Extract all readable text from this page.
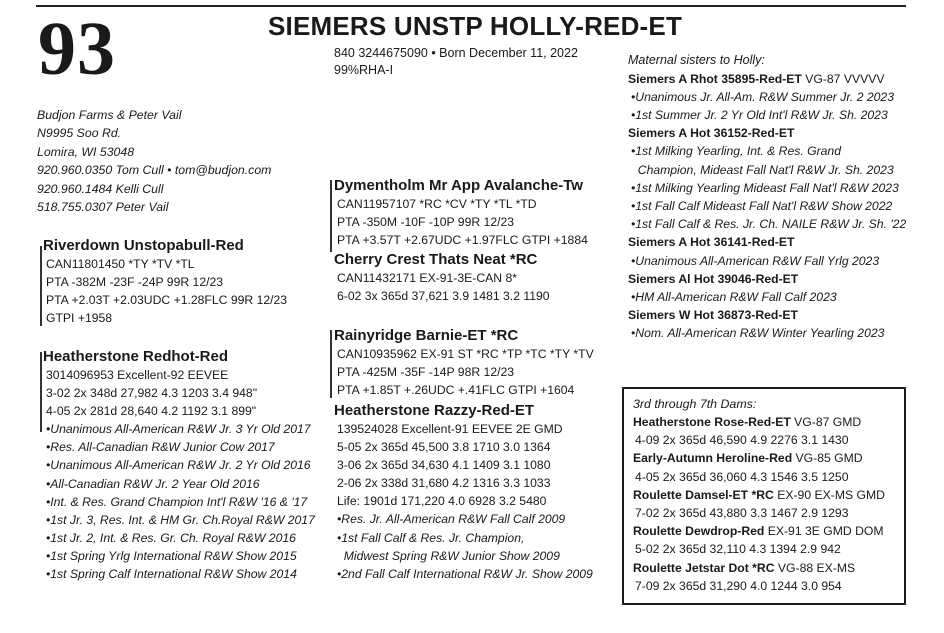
93	SIEMERS UNSTP HOLLY-RED-ET
840 3244675090 • Born December 11, 2022
99%RHA-I
Budjon Farms & Peter Vail
N9995 Soo Rd.
Lomira, WI 53048
920.960.0350 Tom Cull • tom@budjon.com
920.960.1484 Kelli Cull
518.755.0307 Peter Vail
Riverdown Unstopabull-Red
CAN11801450 *TY *TV *TL
PTA -382M -23F -24P 99R 12/23
PTA +2.03T +2.03UDC +1.28FLC 99R 12/23
GTPI +1958
Heatherstone Redhot-Red
3014096953 Excellent-92 EEVEE
3-02 2x 348d 27,982 4.3 1203 3.4 948"
4-05 2x 281d 28,640 4.2 1192 3.1 899"
•Unanimous All-American R&W Jr. 3 Yr Old 2017
•Res. All-Canadian R&W Junior Cow 2017
•Unanimous All-American R&W Jr. 2 Yr Old 2016
•All-Canadian R&W Jr. 2 Year Old 2016
•Int. & Res. Grand Champion Int'l R&W '16 & '17
•1st Jr. 3, Res. Int. & HM Gr. Ch.Royal R&W 2017
•1st Jr. 2, Int. & Res. Gr. Ch. Royal R&W 2016
•1st Spring Yrlg International R&W Show 2015
•1st Spring Calf International R&W Show 2014
Dymentholm Mr App Avalanche-Tw
CAN11957107 *RC *CV *TY *TL *TD
PTA -350M -10F -10P 99R 12/23
PTA +3.57T +2.67UDC +1.97FLC GTPI +1884
Cherry Crest Thats Neat *RC
CAN11432171 EX-91-3E-CAN 8*
6-02 3x 365d 37,621 3.9 1481 3.2 1190
Rainyridge Barnie-ET *RC
CAN10935962 EX-91 ST *RC *TP *TC *TY *TV
PTA -425M -35F -14P 98R 12/23
PTA +1.85T +.26UDC +.41FLC GTPI +1604
Heatherstone Razzy-Red-ET
139524028 Excellent-91 EEVEE 2E GMD
5-05 2x 365d 45,500 3.8 1710 3.0 1364
3-06 2x 365d 34,630 4.1 1409 3.1 1080
2-06 2x 338d 31,680 4.2 1316 3.3 1033
Life: 1901d 171,220 4.0 6928 3.2 5480
•Res. Jr. All-American R&W Fall Calf 2009
•1st Fall Calf & Res. Jr. Champion,
Midwest Spring R&W Junior Show 2009
•2nd Fall Calf International R&W Jr. Show 2009
Maternal sisters to Holly:
Siemers A Rhot 35895-Red-ET VG-87 VVVVV
•Unanimous Jr. All-Am. R&W Summer Jr. 2 2023
•1st Summer Jr. 2 Yr Old Int'l R&W Jr. Sh. 2023
Siemers A Hot 36152-Red-ET
•1st Milking Yearling, Int. & Res. Grand
Champion, Mideast Fall Nat'l R&W Jr. Sh. 2023
•1st Milking Yearling Mideast Fall Nat'l R&W 2023
•1st Fall Calf Mideast Fall Nat'l R&W Show 2022
•1st Fall Calf & Res. Jr. Ch. NAILE R&W Jr. Sh. '22
Siemers A Hot 36141-Red-ET
•Unanimous All-American R&W Fall Yrlg 2023
Siemers Al Hot 39046-Red-ET
•HM All-American R&W Fall Calf 2023
Siemers W Hot 36873-Red-ET
•Nom. All-American R&W Winter Yearling 2023
3rd through 7th Dams:
Heatherstone Rose-Red-ET VG-87 GMD
4-09 2x 365d 46,590 4.9 2276 3.1 1430
Early-Autumn Heroline-Red VG-85 GMD
4-05 2x 365d 36,060 4.3 1546 3.5 1250
Roulette Damsel-ET *RC EX-90 EX-MS GMD
7-02 2x 365d 43,880 3.3 1467 2.9 1293
Roulette Dewdrop-Red EX-91 3E GMD DOM
5-02 2x 365d 32,110 4.3 1394 2.9 942
Roulette Jetstar Dot *RC VG-88 EX-MS
7-09 2x 365d 31,290 4.0 1244 3.0 954
